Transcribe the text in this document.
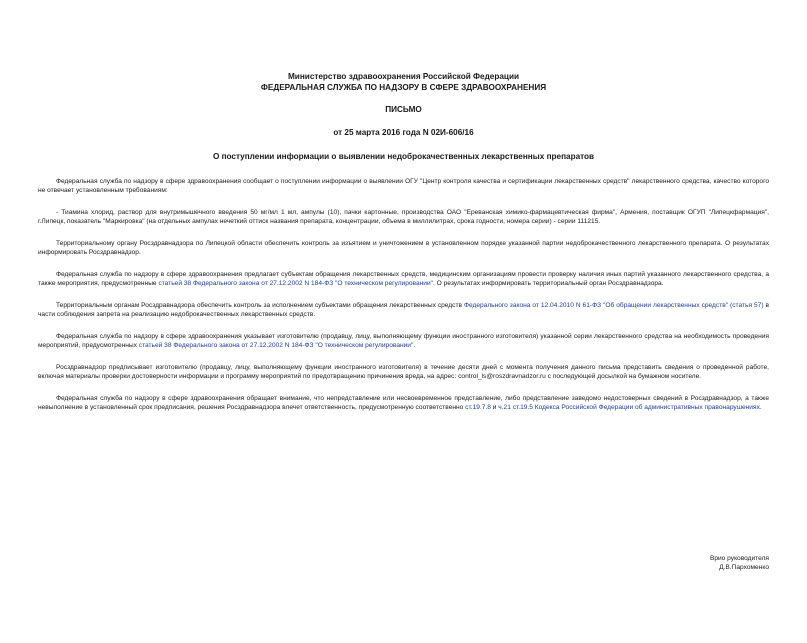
Министерство здравоохранения Российской Федерации
ФЕДЕРАЛЬНАЯ СЛУЖБА ПО НАДЗОРУ В СФЕРЕ ЗДРАВООХРАНЕНИЯ
ПИСЬМО
от 25 марта 2016 года N 02И-606/16
О поступлении информации о выявлении недоброкачественных лекарственных препаратов

Федеральная служба по надзору в сфере здравоохранения сообщает о поступлении информации о выявлении ОГУ "Центр контроля качества и сертификации лекарственных средств" лекарственного средства, качество которого не отвечает установленным требованиям:

- Тиамина хлорид, раствор для внутримышечного введения 50 мг/мл 1 мл, ампулы (10), пачки картонные, производства ОАО "Ереванская химико-фармацевтическая фирма", Армения, поставщик ОГУП "Липецкфармация", г.Липецк, показатель "Маркировка" (на отдельных ампулах нечеткий оттиск названия препарата, концентрации, объема в миллилитрах, срока годности, номера серии) - серии 111215.

Территориальному органу Росздравнадзора по Липецкой области обеспечить контроль за изъятием и уничтожением в установленном порядке указанной партии недоброкачественного лекарственного препарата. О результатах информировать Росздравнадзор.

Федеральная служба по надзору в сфере здравоохранения предлагает субъектам обращения лекарственных средств, медицинским организациям провести проверку наличия иных партий указанного лекарственного средства, а также мероприятия, предусмотренные статьей 38 Федерального закона от 27.12.2002 N 184-ФЗ "О техническом регулировании". О результатах информировать территориальный орган Росздравнадзора.

Территориальным органам Росздравнадзора обеспечить контроль за исполнением субъектами обращения лекарственных средств Федерального закона от 12.04.2010 N 61-ФЗ "Об обращении лекарственных средств" (статья 57) в части соблюдения запрета на реализацию недоброкачественных лекарственных средств.

Федеральная служба по надзору в сфере здравоохранения указывает изготовителю (продавцу, лицу, выполняющему функции иностранного изготовителя) указанной серии лекарственного средства на необходимость проведения мероприятий, предусмотренных статьей 38 Федерального закона от 27.12.2002 N 184-ФЗ "О техническом регулировании".

Росздравнадзор предписывает изготовителю (продавцу, лицу, выполняющему функции иностранного изготовителя) в течение десяти дней с момента получения данного письма представить сведения о проведенной работе, включая материалы проверки достоверности информации и программу мероприятий по предотвращению причинения вреда, на адрес: control_ls@roszdravnadzor.ru с последующей досылкой на бумажном носителе.

Федеральная служба по надзору в сфере здравоохранения обращает внимание, что непредставление или несвоевременное представление, либо представление заведомо недостоверных сведений в Росздравнадзор, а также невыполнение в установленный срок предписания, решения Росздравнадзора влечет ответственность, предусмотренную соответственно ст.19.7.8 и ч.21 ст.19.5 Кодекса Российской Федерации об административных правонарушениях.

Врио руководителя
Д.В.Пархоменко
